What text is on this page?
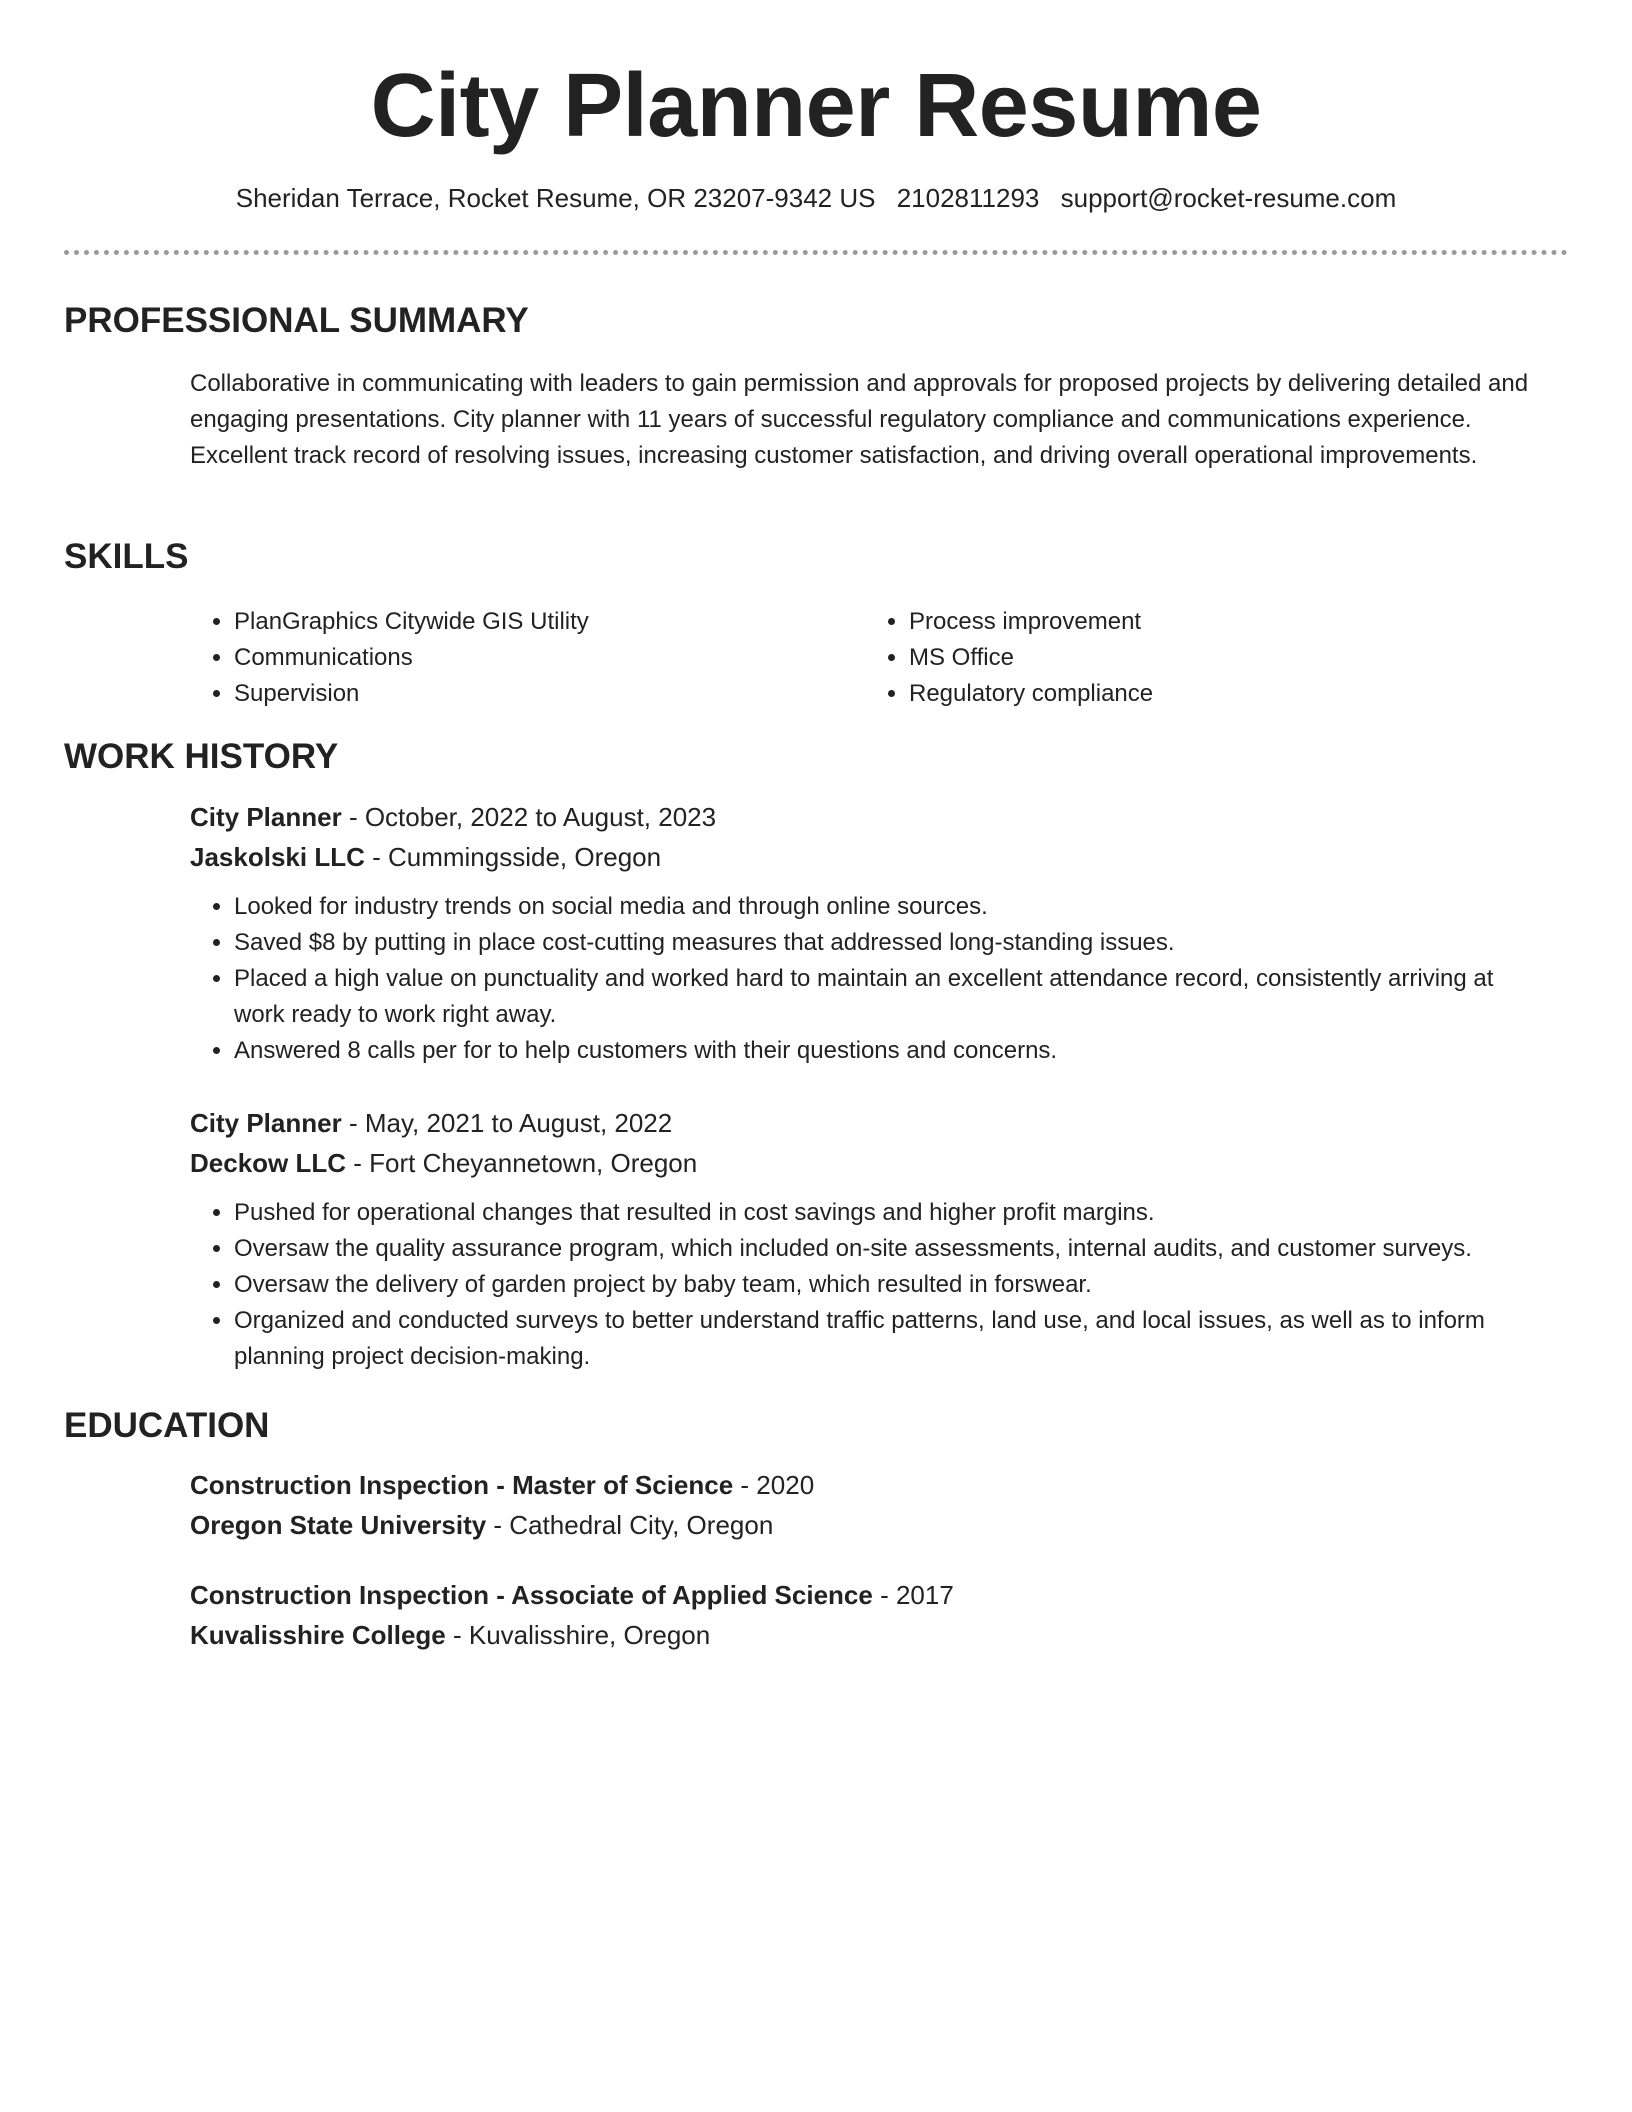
City Planner Resume
Sheridan Terrace, Rocket Resume, OR 23207-9342 US 2102811293 support@rocket-resume.com
PROFESSIONAL SUMMARY
Collaborative in communicating with leaders to gain permission and approvals for proposed projects by delivering detailed and engaging presentations. City planner with 11 years of successful regulatory compliance and communications experience. Excellent track record of resolving issues, increasing customer satisfaction, and driving overall operational improvements.
SKILLS
• PlanGraphics Citywide GIS Utility
• Communications
• Supervision
• Process improvement
• MS Office
• Regulatory compliance
WORK HISTORY
City Planner - October, 2022 to August, 2023
Jaskolski LLC - Cummingsside, Oregon
• Looked for industry trends on social media and through online sources.
• Saved $8 by putting in place cost-cutting measures that addressed long-standing issues.
• Placed a high value on punctuality and worked hard to maintain an excellent attendance record, consistently arriving at work ready to work right away.
• Answered 8 calls per for to help customers with their questions and concerns.
City Planner - May, 2021 to August, 2022
Deckow LLC - Fort Cheyannetown, Oregon
• Pushed for operational changes that resulted in cost savings and higher profit margins.
• Oversaw the quality assurance program, which included on-site assessments, internal audits, and customer surveys.
• Oversaw the delivery of garden project by baby team, which resulted in forswear.
• Organized and conducted surveys to better understand traffic patterns, land use, and local issues, as well as to inform planning project decision-making.
EDUCATION
Construction Inspection - Master of Science - 2020
Oregon State University - Cathedral City, Oregon
Construction Inspection - Associate of Applied Science - 2017
Kuvalisshire College - Kuvalisshire, Oregon
